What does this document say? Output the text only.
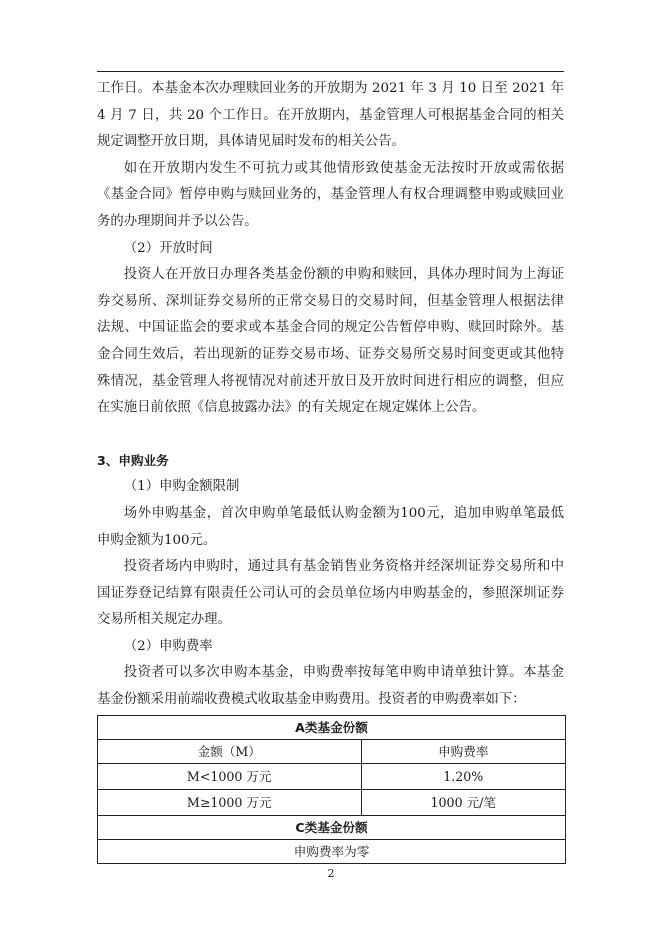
工作日。本基金本次办理赎回业务的开放期为 2021 年 3 月 10 日至 2021 年 4 月 7 日，共 20 个工作日。在开放期内，基金管理人可根据基金合同的相关规定调整开放日期，具体请见届时发布的相关公告。

如在开放期内发生不可抗力或其他情形致使基金无法按时开放或需依据《基金合同》暂停申购与赎回业务的，基金管理人有权合理调整申购或赎回业务的办理期间并予以公告。

（2）开放时间

投资人在开放日办理各类基金份额的申购和赎回，具体办理时间为上海证券交易所、深圳证券交易所的正常交易日的交易时间，但基金管理人根据法律法规、中国证监会的要求或本基金合同的规定公告暂停申购、赎回时除外。基金合同生效后，若出现新的证券交易市场、证券交易所交易时间变更或其他特殊情况，基金管理人将视情况对前述开放日及开放时间进行相应的调整，但应在实施日前依照《信息披露办法》的有关规定在规定媒体上公告。

3、申购业务

（1）申购金额限制

场外申购基金，首次申购单笔最低认购金额为100元，追加申购单笔最低申购金额为100元。

投资者场内申购时，通过具有基金销售业务资格并经深圳证券交易所和中国证券登记结算有限责任公司认可的会员单位场内申购基金的，参照深圳证券交易所相关规定办理。

（2）申购费率

投资者可以多次申购本基金，申购费率按每笔申购申请单独计算。本基金基金份额采用前端收费模式收取基金申购费用。投资者的申购费率如下：

A类基金份额	
金额（M）	申购费率
M<1000 万元	1.20%
M≥1000 万元	1000 元/笔
C类基金份额	
申购费率为零	
2
